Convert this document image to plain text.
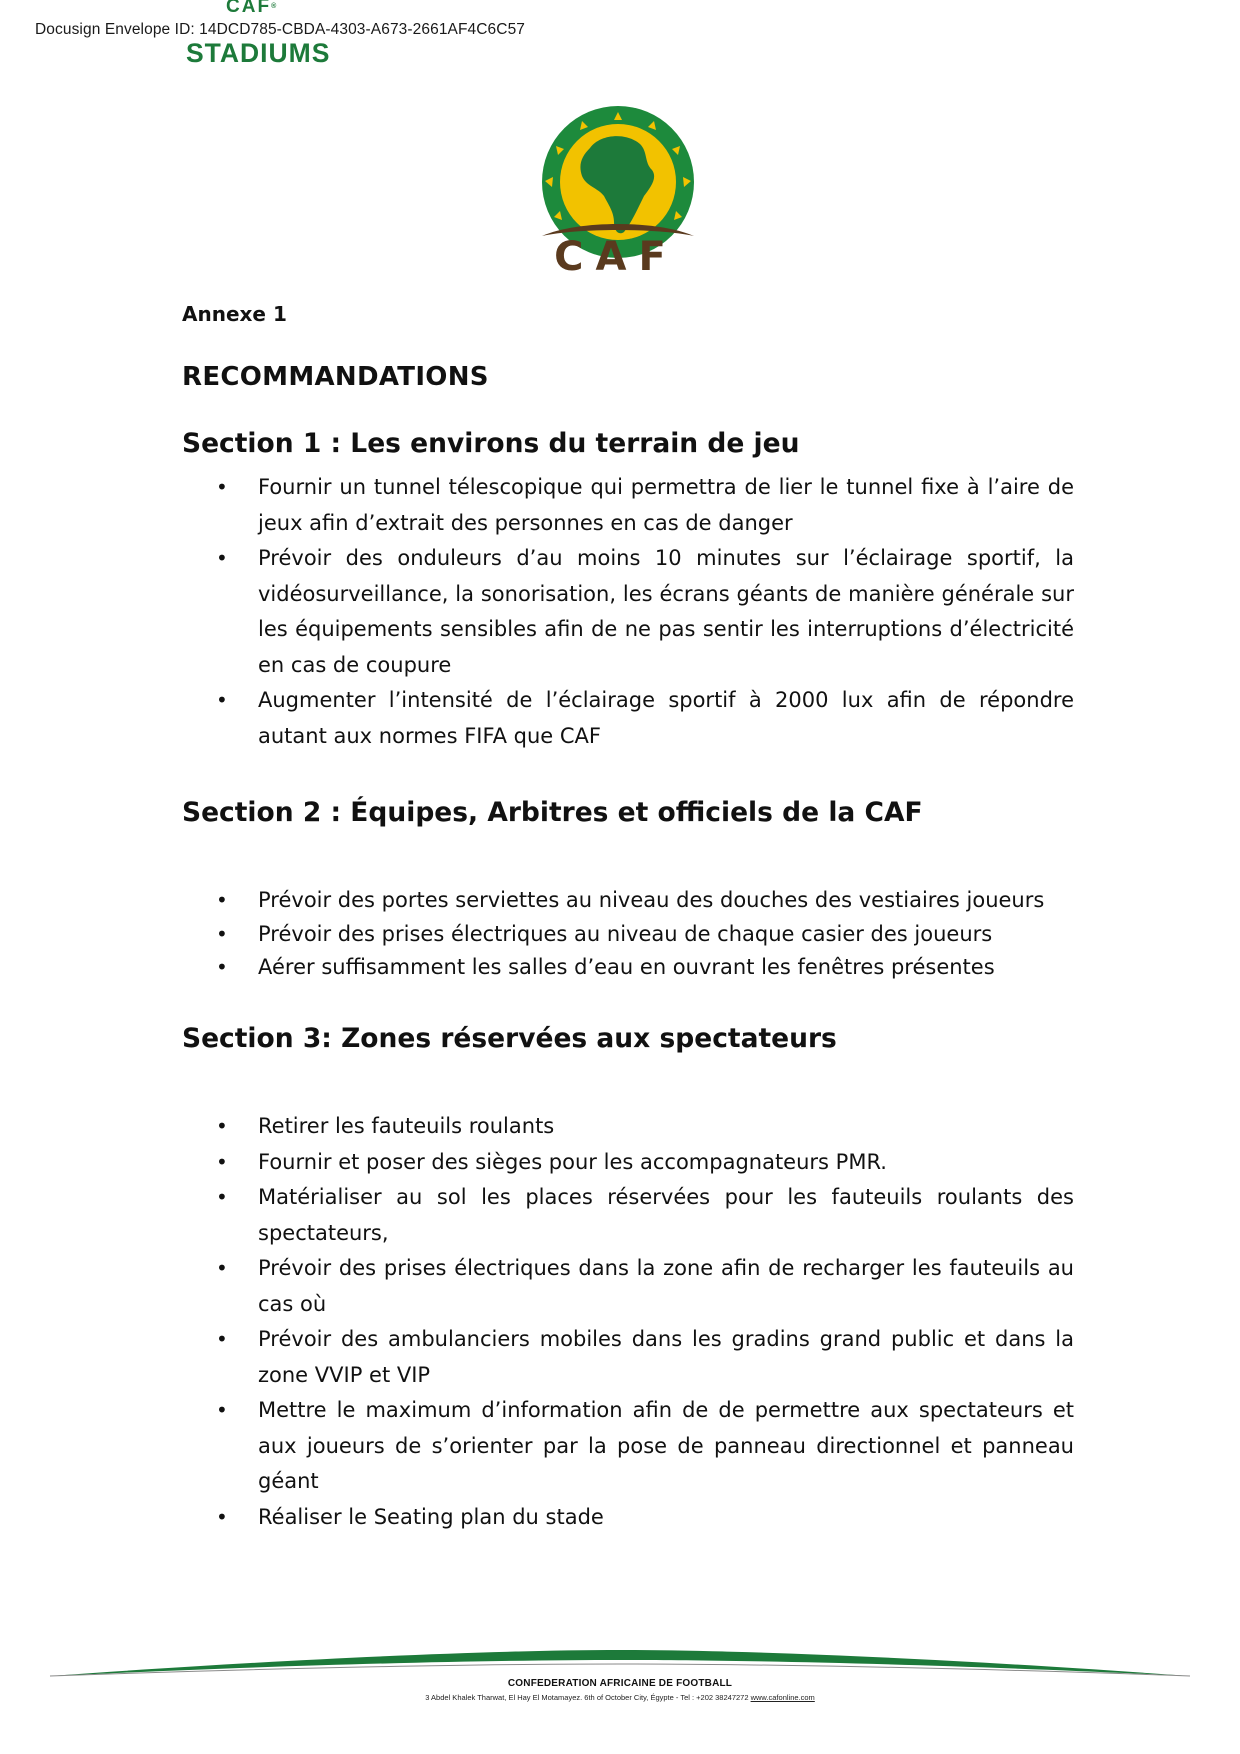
Docusign Envelope ID: 14DCD785-CBDA-4303-A673-2661AF4C6C57
CAF®
STADIUMS
CAF
Annexe 1
RECOMMANDATIONS
Section 1 : Les environs du terrain de jeu
• Fournir un tunnel télescopique qui permettra de lier le tunnel fixe à l’aire de jeux afin d’extrait des personnes en cas de danger
• Prévoir des onduleurs d’au moins 10 minutes sur l’éclairage sportif, la vidéosurveillance, la sonorisation, les écrans géants de manière générale sur les équipements sensibles afin de ne pas sentir les interruptions d’électricité en cas de coupure
• Augmenter l’intensité de l’éclairage sportif à 2000 lux afin de répondre autant aux normes FIFA que CAF
Section 2 : Équipes, Arbitres et officiels de la CAF
• Prévoir des portes serviettes au niveau des douches des vestiaires joueurs
• Prévoir des prises électriques au niveau de chaque casier des joueurs
• Aérer suffisamment les salles d’eau en ouvrant les fenêtres présentes
Section 3: Zones réservées aux spectateurs
• Retirer les fauteuils roulants
• Fournir et poser des sièges pour les accompagnateurs PMR.
• Matérialiser au sol les places réservées pour les fauteuils roulants des spectateurs,
• Prévoir des prises électriques dans la zone afin de recharger les fauteuils au cas où
• Prévoir des ambulanciers mobiles dans les gradins grand public et dans la zone VVIP et VIP
• Mettre le maximum d’information afin de de permettre aux spectateurs et aux joueurs de s’orienter par la pose de panneau directionnel et panneau géant
• Réaliser le Seating plan du stade
CONFEDERATION AFRICAINE DE FOOTBALL
3 Abdel Khalek Tharwat, El Hay El Motamayez. 6th of October City, Égypte - Tel : +202 38247272 www.cafonline.com
